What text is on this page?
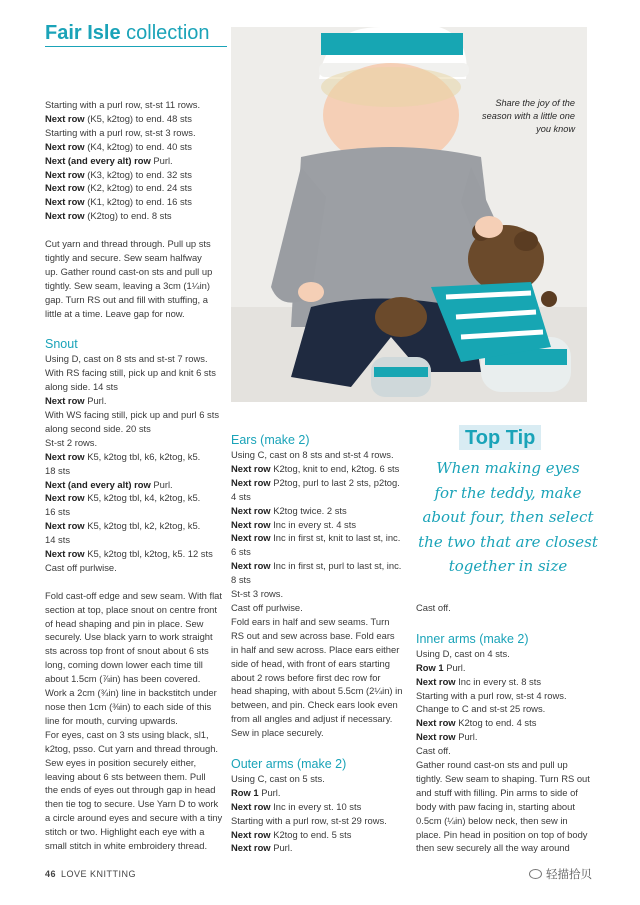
Fair Isle collection
Share the joy of the season with a little one you know
Top Tip
When making eyes
for the teddy, make
about four, then select
the two that are closest
together in size
Starting with a purl row, st-st 11 rows.
Next row (K5, k2tog) to end. 48 sts
Starting with a purl row, st-st 3 rows.
Next row (K4, k2tog) to end. 40 sts
Next (and every alt) row Purl.
Next row (K3, k2tog) to end. 32 sts
Next row (K2, k2tog) to end. 24 sts
Next row (K1, k2tog) to end. 16 sts
Next row (K2tog) to end. 8 sts
Cut yarn and thread through. Pull up sts
tightly and secure. Sew seam halfway
up. Gather round cast-on sts and pull up
tightly. Sew seam, leaving a 3cm (1¼in)
gap. Turn RS out and fill with stuffing, a
little at a time. Leave gap for now.
Snout
Using D, cast on 8 sts and st-st 7 rows.
With RS facing still, pick up and knit 6 sts
along side. 14 sts
Next row Purl.
With WS facing still, pick up and purl 6 sts
along second side. 20 sts
St-st 2 rows.
Next row K5, k2tog tbl, k6, k2tog, k5.
18 sts
Next (and every alt) row Purl.
Next row K5, k2tog tbl, k4, k2tog, k5.
16 sts
Next row K5, k2tog tbl, k2, k2tog, k5.
14 sts
Next row K5, k2tog tbl, k2tog, k5. 12 sts
Cast off purlwise.
Fold cast-off edge and sew seam. With flat
section at top, place snout on centre front
of head shaping and pin in place. Sew
securely. Use black yarn to work straight
sts across top front of snout about 6 sts
long, coming down lower each time till
about 1.5cm (⅞in) has been covered.
Work a 2cm (¾in) line in backstitch under
nose then 1cm (⅜in) to each side of this
line for mouth, curving upwards.
For eyes, cast on 3 sts using black, sl1,
k2tog, psso. Cut yarn and thread through.
Sew eyes in position securely either,
leaving about 6 sts between them. Pull
the ends of eyes out through gap in head
then tie tog to secure. Use Yarn D to work
a circle around eyes and secure with a tiny
stitch or two. Highlight each eye with a
small stitch in white embroidery thread.
Ears (make 2)
Using C, cast on 8 sts and st-st 4 rows.
Next row K2tog, knit to end, k2tog. 6 sts
Next row P2tog, purl to last 2 sts, p2tog.
4 sts
Next row K2tog twice. 2 sts
Next row Inc in every st. 4 sts
Next row Inc in first st, knit to last st, inc.
6 sts
Next row Inc in first st, purl to last st, inc.
8 sts
St-st 3 rows.
Cast off purlwise.
Fold ears in half and sew seams. Turn
RS out and sew across base. Fold ears
in half and sew across. Place ears either
side of head, with front of ears starting
about 2 rows before first dec row for
head shaping, with about 5.5cm (2¼in) in
between, and pin. Check ears look even
from all angles and adjust if necessary.
Sew in place securely.
Outer arms (make 2)
Using C, cast on 5 sts.
Row 1 Purl.
Next row Inc in every st. 10 sts
Starting with a purl row, st-st 29 rows.
Next row K2tog to end. 5 sts
Next row Purl.
Cast off.
Inner arms (make 2)
Using D, cast on 4 sts.
Row 1 Purl.
Next row Inc in every st. 8 sts
Starting with a purl row, st-st 4 rows.
Change to C and st-st 25 rows.
Next row K2tog to end. 4 sts
Next row Purl.
Cast off.
Gather round cast-on sts and pull up
tightly. Sew seam to shaping. Turn RS out
and stuff with filling. Pin arms to side of
body with paw facing in, starting about
0.5cm (¼in) below neck, then sew in
place. Pin head in position on top of body
then sew securely all the way around
46 LOVE KNITTING	轻描拾贝
